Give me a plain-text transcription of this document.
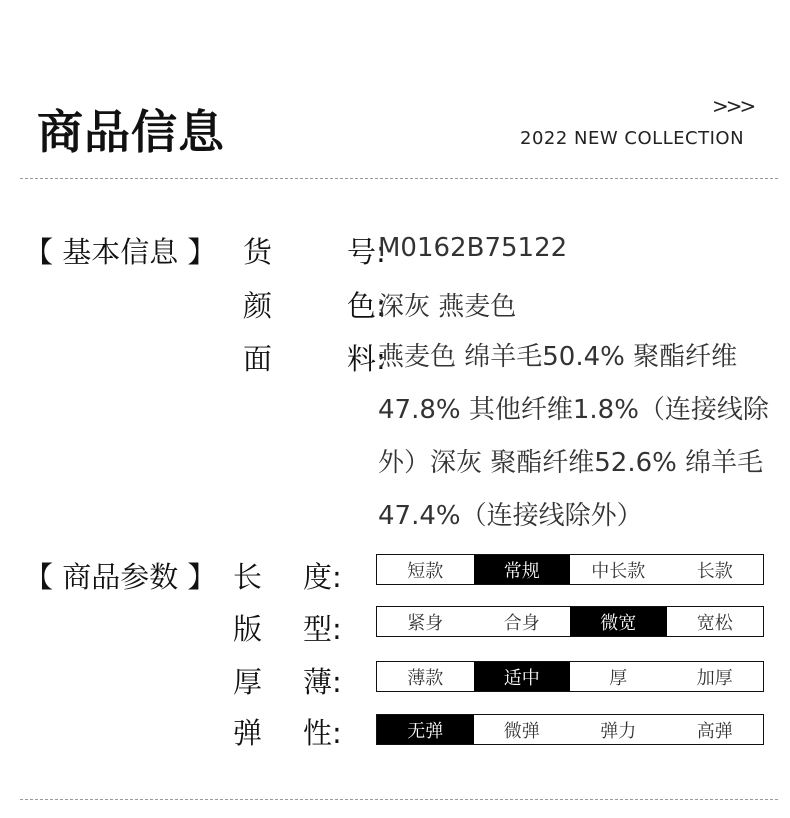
商品信息	>>>
2022 NEW COLLECTION
【 基本信息 】 货	号:
M0162B75122
颜	色:
深灰 燕麦色
面	料:
燕麦色 绵羊毛50.4% 聚酯纤维47.8% 其他纤维1.8%（连接线除外）深灰 聚酯纤维52.6% 绵羊毛47.4%（连接线除外）
【 商品参数 】 长 度:	短款	常规	中长款	长款
版 型:	紧身	合身	微宽	宽松
厚 薄:	薄款	适中	厚	加厚
弹 性:	无弹	微弹	弹力	高弹
